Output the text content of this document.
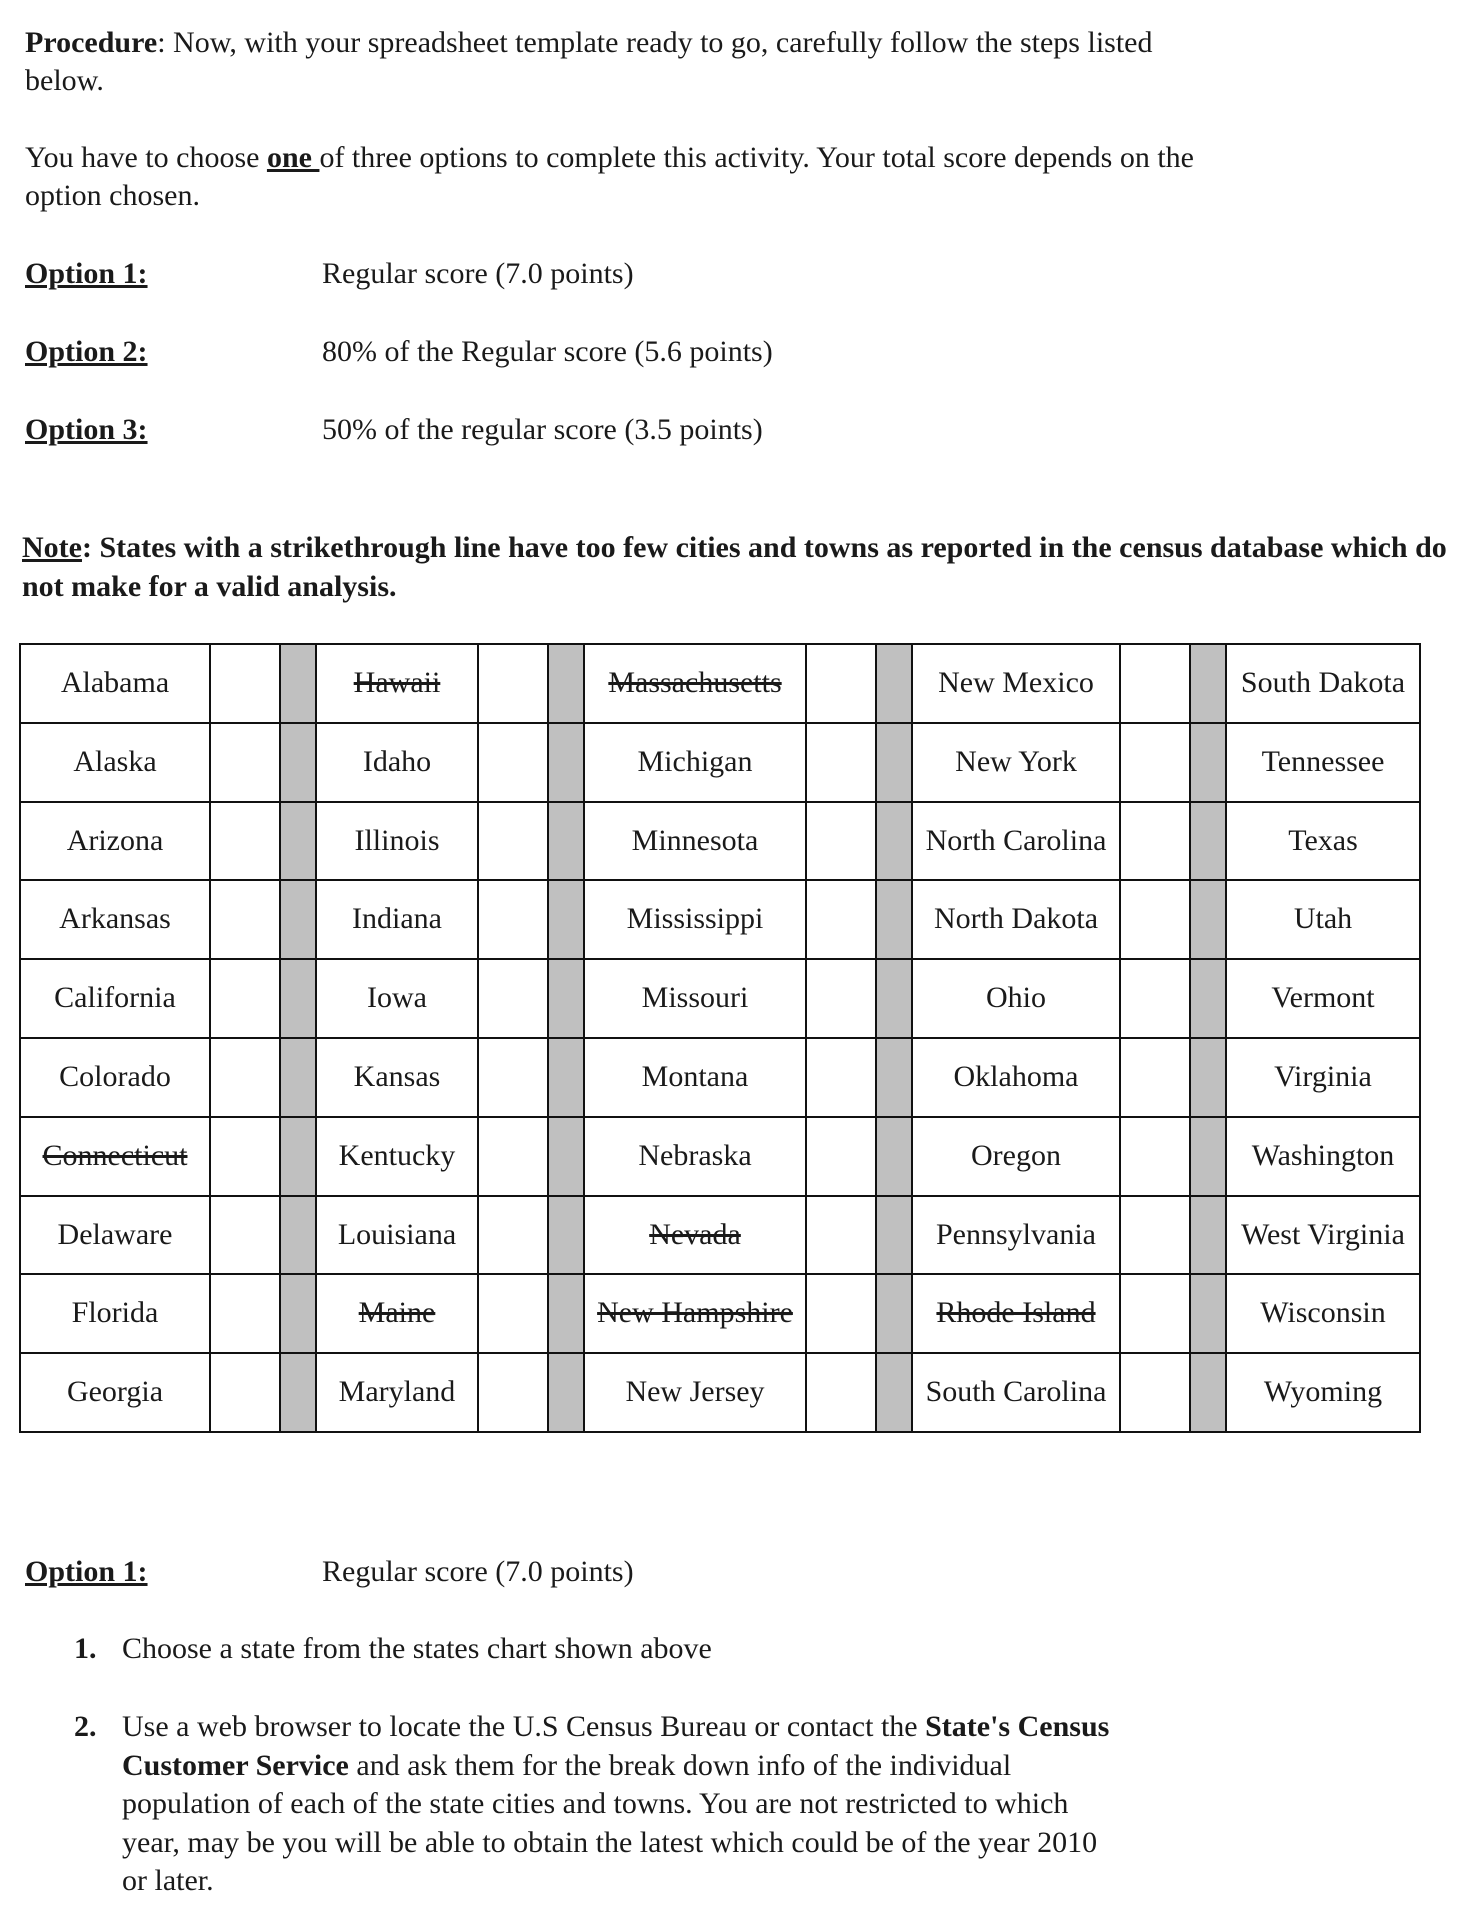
Procedure: Now, with your spreadsheet template ready to go, carefully follow the steps listed below.
You have to choose one of three options to complete this activity. Your total score depends on the option chosen.
Option 1:	Regular score (7.0 points)
Option 2:	80% of the Regular score (5.6 points)
Option 3:	50% of the regular score (3.5 points)
Note: States with a strikethrough line have too few cities and towns as reported in the census database which do not make for a valid analysis.
Alabama			Hawaii			Massachusetts			New Mexico			South Dakota
Alaska			Idaho			Michigan			New York			Tennessee
Arizona			Illinois			Minnesota			North Carolina			Texas
Arkansas			Indiana			Mississippi			North Dakota			Utah
California			Iowa			Missouri			Ohio			Vermont
Colorado			Kansas			Montana			Oklahoma			Virginia
Connecticut			Kentucky			Nebraska			Oregon			Washington
Delaware			Louisiana			Nevada			Pennsylvania			West Virginia
Florida			Maine			New Hampshire			Rhode Island			Wisconsin
Georgia			Maryland			New Jersey			South Carolina			Wyoming
Option 1:	Regular score (7.0 points)
1. Choose a state from the states chart shown above
2. Use a web browser to locate the U.S Census Bureau or contact the State's Census Customer Service and ask them for the break down info of the individual population of each of the state cities and towns. You are not restricted to which year, may be you will be able to obtain the latest which could be of the year 2010 or later.
